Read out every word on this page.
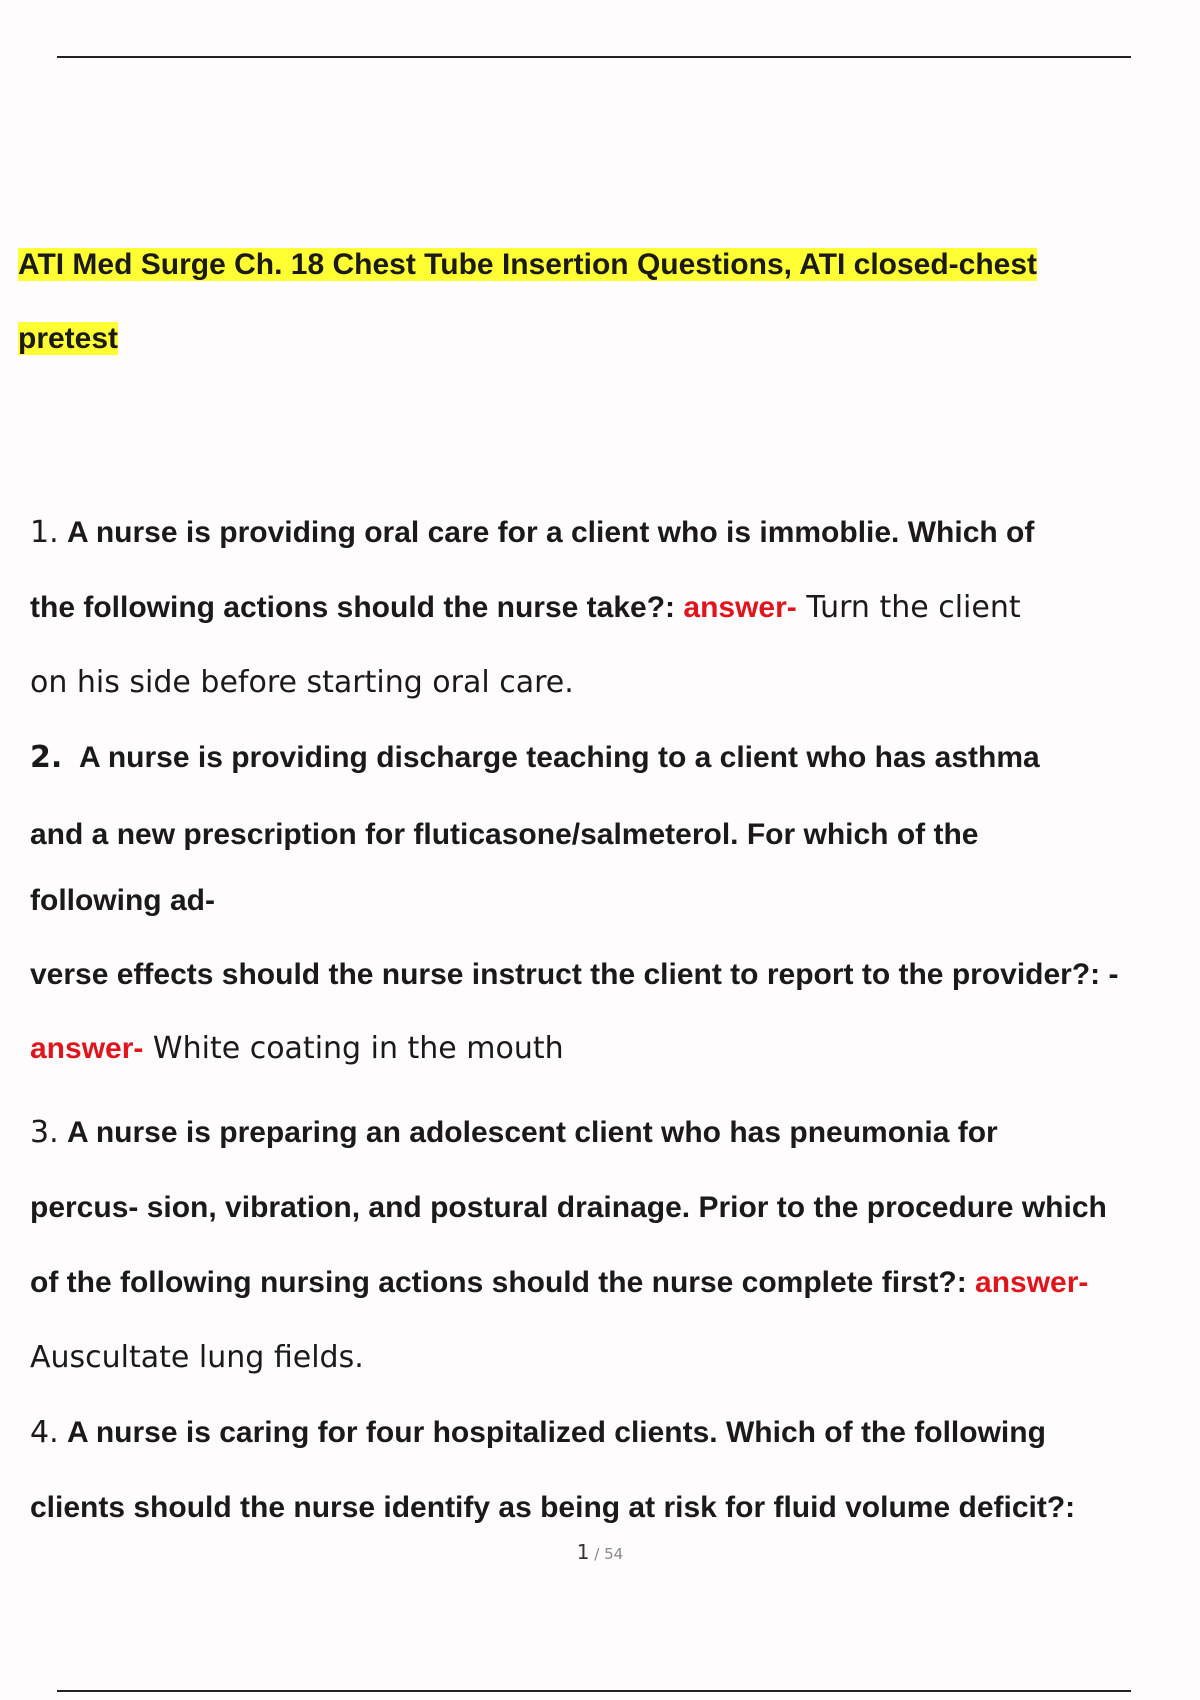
ATI Med Surge Ch. 18 Chest Tube Insertion Questions, ATI closed-chest
pretest
1. A nurse is providing oral care for a client who is immoblie. Which of
the following actions should the nurse take?: answer- Turn the client
on his side before starting oral care.
2. A nurse is providing discharge teaching to a client who has asthma
and a new prescription for fluticasone/salmeterol. For which of the
following ad-
verse effects should the nurse instruct the client to report to the provider?: -
answer- White coating in the mouth
3. A nurse is preparing an adolescent client who has pneumonia for
percus- sion, vibration, and postural drainage. Prior to the procedure which
of the following nursing actions should the nurse complete first?: answer-
Auscultate lung fields.
4. A nurse is caring for four hospitalized clients. Which of the following
clients should the nurse identify as being at risk for fluid volume deficit?:
1 / 54
